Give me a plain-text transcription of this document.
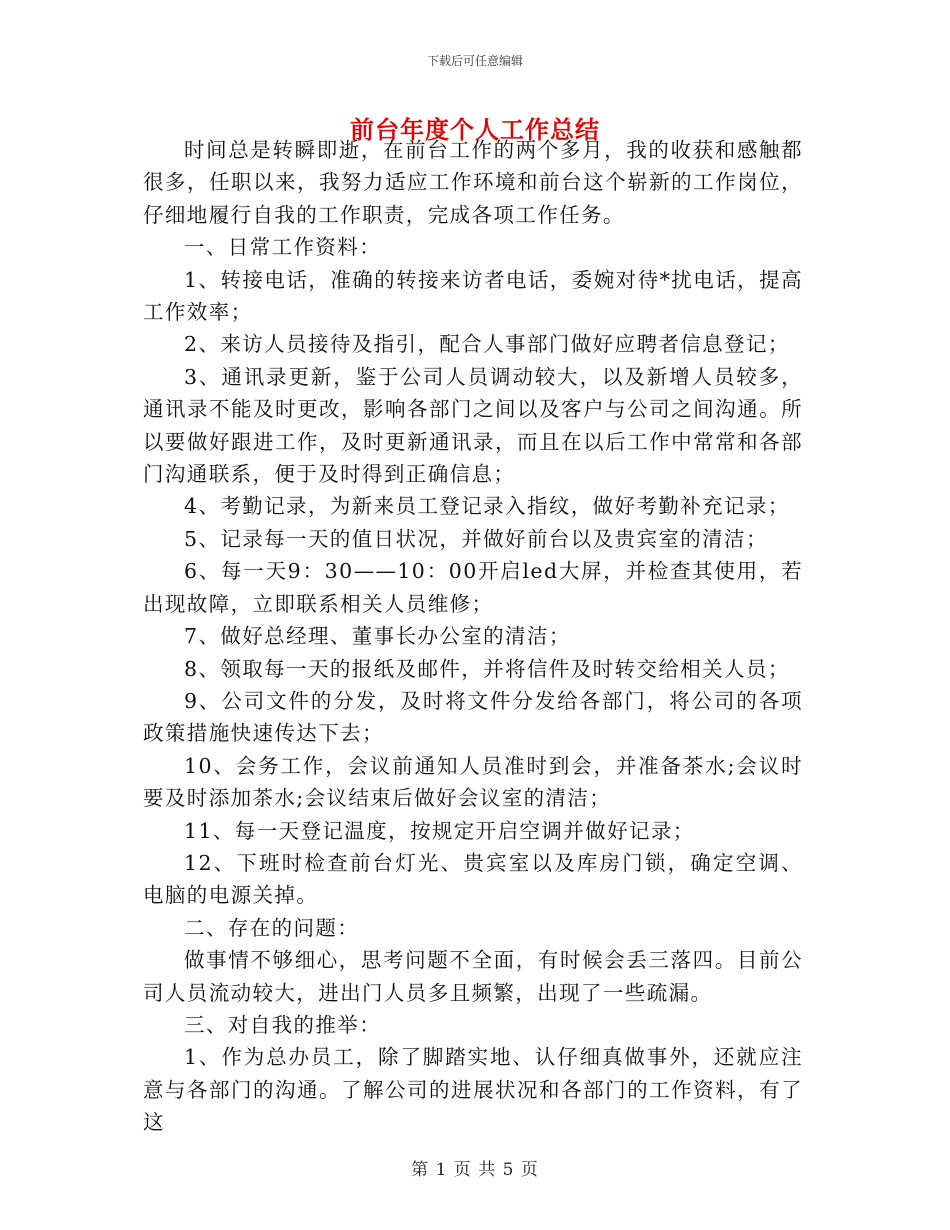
下载后可任意编辑
前台年度个人工作总结

时间总是转瞬即逝，在前台工作的两个多月，我的收获和感触都很多，任职以来，我努力适应工作环境和前台这个崭新的工作岗位，仔细地履行自我的工作职责，完成各项工作任务。

一、日常工作资料：

1、转接电话，准确的转接来访者电话，委婉对待*扰电话，提高工作效率；

2、来访人员接待及指引，配合人事部门做好应聘者信息登记；

3、通讯录更新，鉴于公司人员调动较大，以及新增人员较多，通讯录不能及时更改，影响各部门之间以及客户与公司之间沟通。所以要做好跟进工作，及时更新通讯录，而且在以后工作中常常和各部门沟通联系，便于及时得到正确信息；

4、考勤记录，为新来员工登记录入指纹，做好考勤补充记录；

5、记录每一天的值日状况，并做好前台以及贵宾室的清洁；

6、每一天9：30——10：00开启led大屏，并检查其使用，若出现故障，立即联系相关人员维修；

7、做好总经理、董事长办公室的清洁；

8、领取每一天的报纸及邮件，并将信件及时转交给相关人员；

9、公司文件的分发，及时将文件分发给各部门，将公司的各项政策措施快速传达下去；

10、会务工作，会议前通知人员准时到会，并准备茶水;会议时要及时添加茶水;会议结束后做好会议室的清洁；

11、每一天登记温度，按规定开启空调并做好记录；

12、下班时检查前台灯光、贵宾室以及库房门锁，确定空调、电脑的电源关掉。

二、存在的问题：

做事情不够细心，思考问题不全面，有时候会丢三落四。目前公司人员流动较大，进出门人员多且频繁，出现了一些疏漏。

三、对自我的推举：

1、作为总办员工，除了脚踏实地、认仔细真做事外，还就应注意与各部门的沟通。了解公司的进展状况和各部门的工作资料，有了这

第 1 页 共 5 页
